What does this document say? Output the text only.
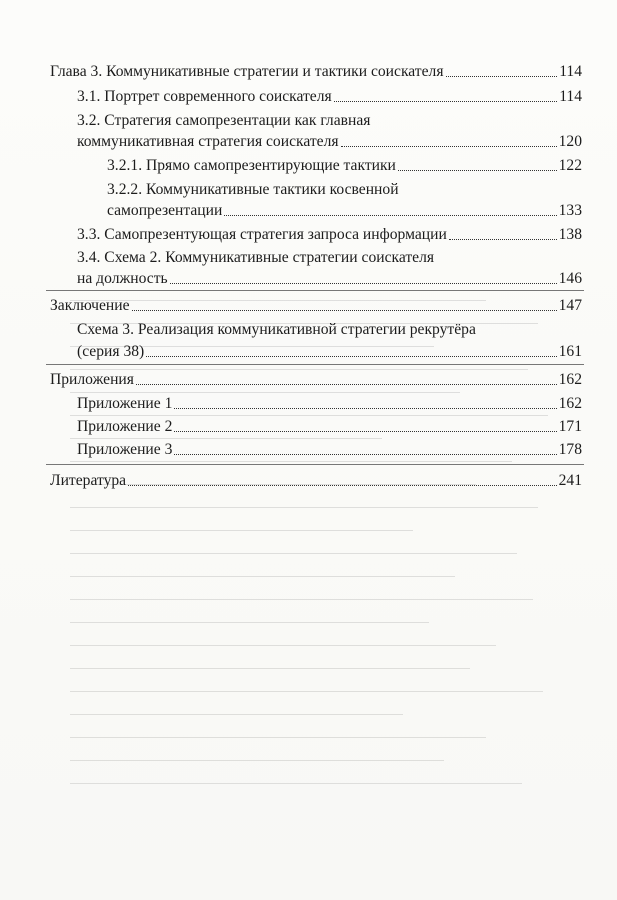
Глава 3. Коммуникативные стратегии и тактики соискателя	114
3.1. Портрет современного соискателя	114
3.2. Стратегия самопрезентации как главная
коммуникативная стратегия соискателя	120
3.2.1. Прямо самопрезентирующие тактики	122
3.2.2. Коммуникативные тактики косвенной
самопрезентации	133
3.3. Самопрезентующая стратегия запроса информации	138
3.4. Схема 2. Коммуникативные стратегии соискателя
на должность	146
Заключение	147
Схема 3. Реализация коммуникативной стратегии рекрутёра
(серия 38)	161
Приложения	162
Приложение 1	162
Приложение 2	171
Приложение 3	178
Литература	241
